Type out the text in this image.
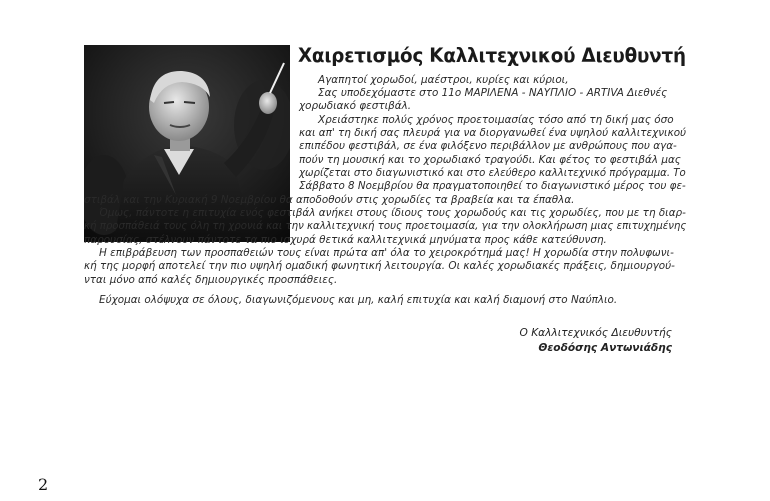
Χαιρετισμός Καλλιτεχνικού Διευθυντή
Αγαπητοί χορωδοί, μαέστροι, κυρίες και κύριοι,
Σας υποδεχόμαστε στο 11ο ΜΑΡΙΛΕΝΑ - ΝΑΥΠΛΙΟ - ARTIVA Διεθνές
χορωδιακό φεστιβάλ.
Χρειάστηκε πολύς χρόνος προετοιμασίας τόσο από τη δική μας όσο
και απ' τη δική σας πλευρά για να διοργανωθεί ένα υψηλού καλλιτεχνικού
επιπέδου φεστιβάλ, σε ένα φιλόξενο περιβάλλον με ανθρώπους που αγα-
πούν τη μουσική και το χορωδιακό τραγούδι. Και φέτος το φεστιβάλ μας
χωρίζεται στο διαγωνιστικό και στο ελεύθερο καλλιτεχνικό πρόγραμμα. Το
Σάββατο 8 Νοεμβρίου θα πραγματοποιηθεί το διαγωνιστικό μέρος του φε-
στιβάλ και την Κυριακή 9 Νοεμβρίου θα αποδοθούν στις χορωδίες τα βραβεία και τα έπαθλα.
Όμως, πάντοτε η επιτυχία ενός φεστιβάλ ανήκει στους ίδιους τους χορωδούς και τις χορωδίες, που με τη διαρ-
κή προσπάθειά τους όλη τη χρονιά και την καλλιτεχνική τους προετοιμασία, για την ολοκλήρωση μιας επιτυχημένης
παρουσίας, στέλνουν πάντοτε τα πιο ισχυρά θετικά καλλιτεχνικά μηνύματα προς κάθε κατεύθυνση.
Η επιβράβευση των προσπαθειών τους είναι πρώτα απ' όλα το χειροκρότημά μας! Η χορωδία στην πολυφωνι-
κή της μορφή αποτελεί την πιο υψηλή ομαδική φωνητική λειτουργία. Οι καλές χορωδιακές πράξεις, δημιουργού-
νται μόνο από καλές δημιουργικές προσπάθειες.
Εύχομαι ολόψυχα σε όλους, διαγωνιζόμενους και μη, καλή επιτυχία και καλή διαμονή στο Ναύπλιο.
Ο Καλλιτεχνικός Διευθυντής
Θεοδόσης Αντωνιάδης
2
